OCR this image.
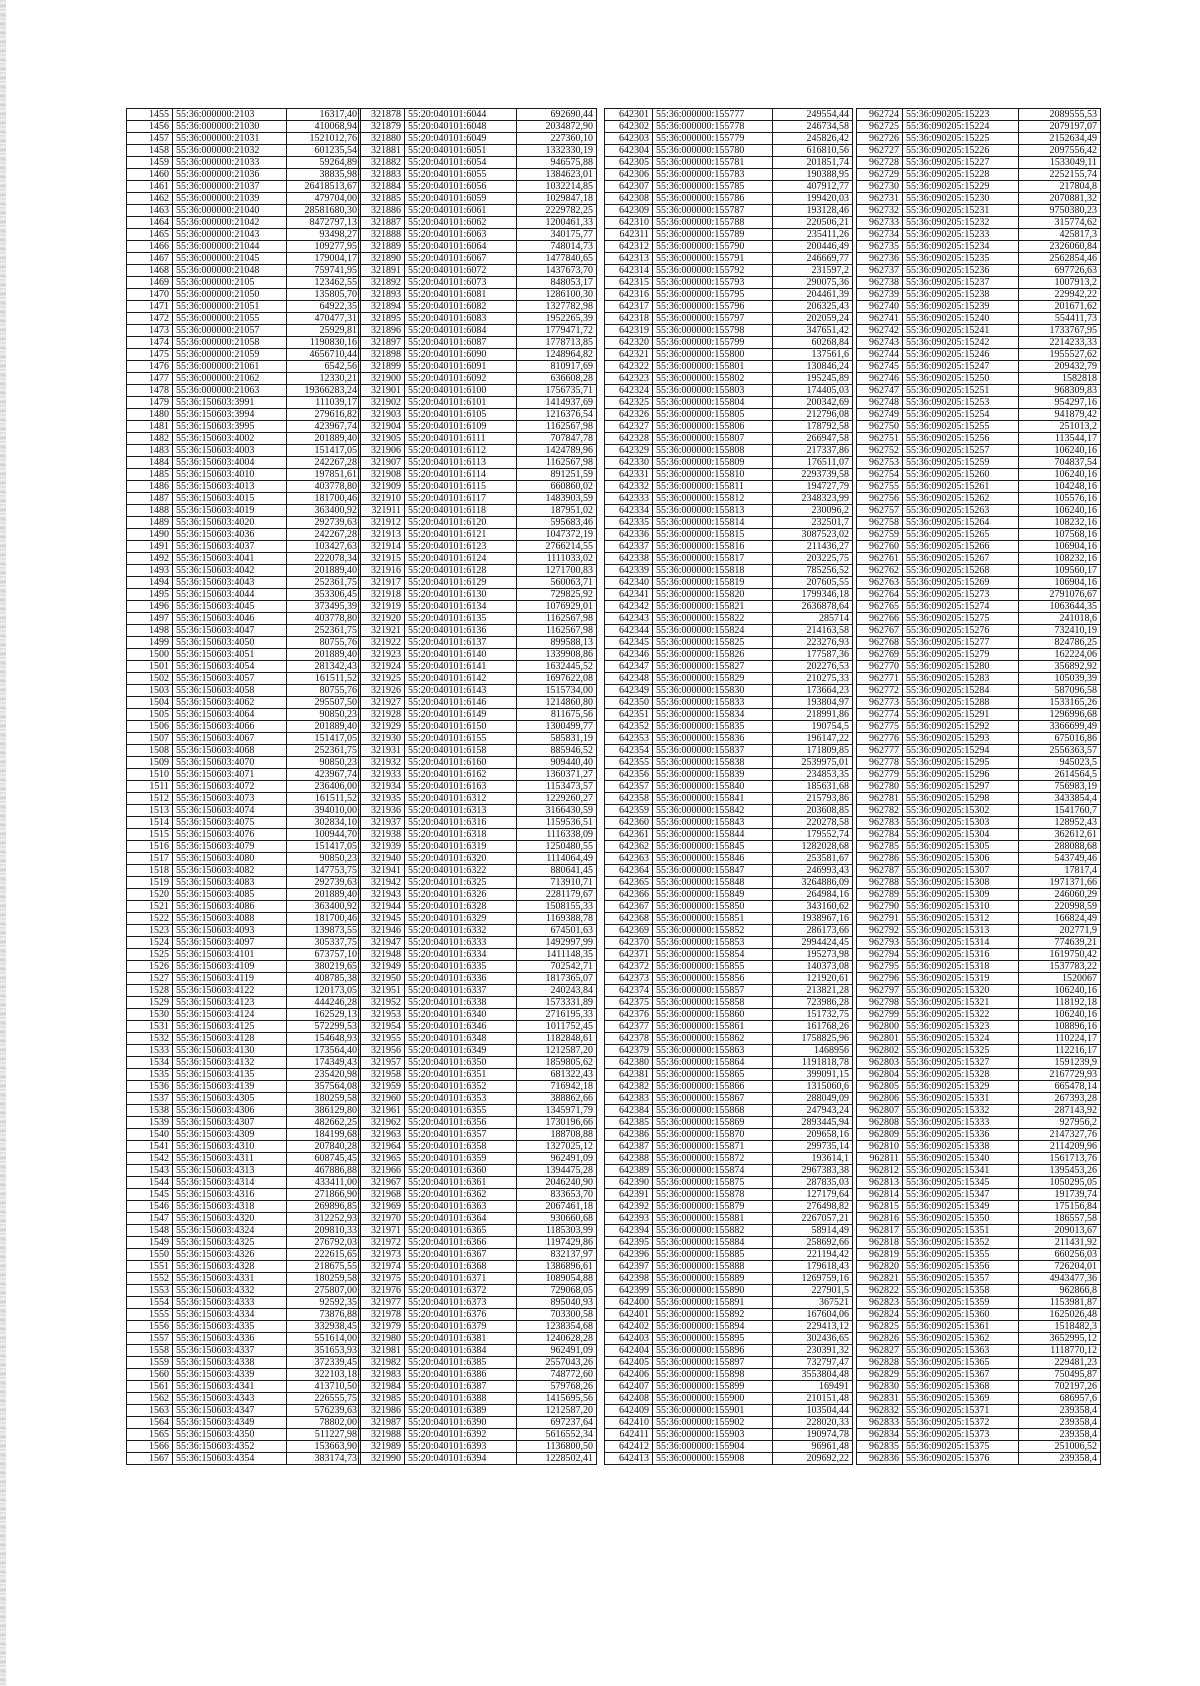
1455	55:36:000000:2103	16317,40
1456	55:36:000000:21030	410068,94
1457	55:36:000000:21031	1521012,76
1458	55:36:000000:21032	601235,54
1459	55:36:000000:21033	59264,89
1460	55:36:000000:21036	38835,98
1461	55:36:000000:21037	26418513,67
1462	55:36:000000:21039	479704,00
1463	55:36:000000:21040	28581680,30
1464	55:36:000000:21042	8472797,13
1465	55:36:000000:21043	93498,27
1466	55:36:000000:21044	109277,95
1467	55:36:000000:21045	179004,17
1468	55:36:000000:21048	759741,95
1469	55:36:000000:2105	123462,55
1470	55:36:000000:21050	135805,70
1471	55:36:000000:21051	64922,35
1472	55:36:000000:21055	470477,31
1473	55:36:000000:21057	25929,81
1474	55:36:000000:21058	1190830,16
1475	55:36:000000:21059	4656710,44
1476	55:36:000000:21061	6542,56
1477	55:36:000000:21062	12330,21
1478	55:36:000000:21063	19366283,24
1479	55:36:150603:3991	111039,17
1480	55:36:150603:3994	279616,82
1481	55:36:150603:3995	423967,74
1482	55:36:150603:4002	201889,40
1483	55:36:150603:4003	151417,05
1484	55:36:150603:4004	242267,28
1485	55:36:150603:4010	197851,61
1486	55:36:150603:4013	403778,80
1487	55:36:150603:4015	181700,46
1488	55:36:150603:4019	363400,92
1489	55:36:150603:4020	292739,63
1490	55:36:150603:4036	242267,28
1491	55:36:150603:4037	103427,63
1492	55:36:150603:4041	222078,34
1493	55:36:150603:4042	201889,40
1494	55:36:150603:4043	252361,75
1495	55:36:150603:4044	353306,45
1496	55:36:150603:4045	373495,39
1497	55:36:150603:4046	403778,80
1498	55:36:150603:4047	252361,75
1499	55:36:150603:4050	80755,76
1500	55:36:150603:4051	201889,40
1501	55:36:150603:4054	281342,43
1502	55:36:150603:4057	161511,52
1503	55:36:150603:4058	80755,76
1504	55:36:150603:4062	295507,50
1505	55:36:150603:4064	90850,23
1506	55:36:150603:4066	201889,40
1507	55:36:150603:4067	151417,05
1508	55:36:150603:4068	252361,75
1509	55:36:150603:4070	90850,23
1510	55:36:150603:4071	423967,74
1511	55:36:150603:4072	236406,00
1512	55:36:150603:4073	161511,52
1513	55:36:150603:4074	394010,00
1514	55:36:150603:4075	302834,10
1515	55:36:150603:4076	100944,70
1516	55:36:150603:4079	151417,05
1517	55:36:150603:4080	90850,23
1518	55:36:150603:4082	147753,75
1519	55:36:150603:4083	292739,63
1520	55:36:150603:4085	201889,40
1521	55:36:150603:4086	363400,92
1522	55:36:150603:4088	181700,46
1523	55:36:150603:4093	139873,55
1524	55:36:150603:4097	305337,75
1525	55:36:150603:4101	673757,10
1526	55:36:150603:4109	380219,65
1527	55:36:150603:4119	408785,38
1528	55:36:150603:4122	120173,05
1529	55:36:150603:4123	444246,28
1530	55:36:150603:4124	162529,13
1531	55:36:150603:4125	572299,53
1532	55:36:150603:4128	154648,93
1533	55:36:150603:4130	173564,40
1534	55:36:150603:4132	174349,43
1535	55:36:150603:4135	235420,98
1536	55:36:150603:4139	357564,08
1537	55:36:150603:4305	180259,58
1538	55:36:150603:4306	386129,80
1539	55:36:150603:4307	482662,25
1540	55:36:150603:4309	184199,68
1541	55:36:150603:4310	207840,28
1542	55:36:150603:4311	608745,45
1543	55:36:150603:4313	467886,88
1544	55:36:150603:4314	433411,00
1545	55:36:150603:4316	271866,90
1546	55:36:150603:4318	269896,85
1547	55:36:150603:4320	312252,93
1548	55:36:150603:4324	209810,33
1549	55:36:150603:4325	276792,03
1550	55:36:150603:4326	222615,65
1551	55:36:150603:4328	218675,55
1552	55:36:150603:4331	180259,58
1553	55:36:150603:4332	275807,00
1554	55:36:150603:4333	92592,35
1555	55:36:150603:4334	73876,88
1556	55:36:150603:4335	332938,45
1557	55:36:150603:4336	551614,00
1558	55:36:150603:4337	351653,93
1559	55:36:150603:4338	372339,45
1560	55:36:150603:4339	322103,18
1561	55:36:150603:4341	413710,50
1562	55:36:150603:4343	226555,75
1563	55:36:150603:4347	576239,63
1564	55:36:150603:4349	78802,00
1565	55:36:150603:4350	511227,98
1566	55:36:150603:4352	153663,90
1567	55:36:150603:4354	383174,73
321878	55:20:040101:6044	692690,44
321879	55:20:040101:6048	2034872,90
321880	55:20:040101:6049	227360,10
321881	55:20:040101:6051	1332330,19
321882	55:20:040101:6054	946575,88
321883	55:20:040101:6055	1384623,01
321884	55:20:040101:6056	1032214,85
321885	55:20:040101:6059	1029847,18
321886	55:20:040101:6061	2229782,25
321887	55:20:040101:6062	1200461,33
321888	55:20:040101:6063	340175,77
321889	55:20:040101:6064	748014,73
321890	55:20:040101:6067	1477840,65
321891	55:20:040101:6072	1437673,70
321892	55:20:040101:6073	848053,17
321893	55:20:040101:6081	1286100,30
321894	55:20:040101:6082	1327782,98
321895	55:20:040101:6083	1952265,39
321896	55:20:040101:6084	1779471,72
321897	55:20:040101:6087	1778713,85
321898	55:20:040101:6090	1248964,82
321899	55:20:040101:6091	810917,69
321900	55:20:040101:6092	636608,28
321901	55:20:040101:6100	1756735,71
321902	55:20:040101:6101	1414937,69
321903	55:20:040101:6105	1216376,54
321904	55:20:040101:6109	1162567,98
321905	55:20:040101:6111	707847,78
321906	55:20:040101:6112	1424789,96
321907	55:20:040101:6113	1162567,98
321908	55:20:040101:6114	891251,59
321909	55:20:040101:6115	660860,02
321910	55:20:040101:6117	1483903,59
321911	55:20:040101:6118	187951,02
321912	55:20:040101:6120	595683,46
321913	55:20:040101:6121	1047372,19
321914	55:20:040101:6123	2766214,55
321915	55:20:040101:6124	1111033,02
321916	55:20:040101:6128	1271700,83
321917	55:20:040101:6129	560063,71
321918	55:20:040101:6130	729825,92
321919	55:20:040101:6134	1076929,01
321920	55:20:040101:6135	1162567,98
321921	55:20:040101:6136	1162567,98
321922	55:20:040101:6137	899588,13
321923	55:20:040101:6140	1339908,86
321924	55:20:040101:6141	1632445,52
321925	55:20:040101:6142	1697622,08
321926	55:20:040101:6143	1515734,00
321927	55:20:040101:6146	1214860,80
321928	55:20:040101:6149	811675,56
321929	55:20:040101:6150	1300499,77
321930	55:20:040101:6155	585831,19
321931	55:20:040101:6158	885946,52
321932	55:20:040101:6160	909440,40
321933	55:20:040101:6162	1360371,27
321934	55:20:040101:6163	1153473,57
321935	55:20:040101:6312	1229260,27
321936	55:20:040101:6313	3166430,59
321937	55:20:040101:6316	1159536,51
321938	55:20:040101:6318	1116338,09
321939	55:20:040101:6319	1250480,55
321940	55:20:040101:6320	1114064,49
321941	55:20:040101:6322	880641,45
321942	55:20:040101:6325	713910,71
321943	55:20:040101:6326	2281179,67
321944	55:20:040101:6328	1508155,33
321945	55:20:040101:6329	1169388,78
321946	55:20:040101:6332	674501,63
321947	55:20:040101:6333	1492997,99
321948	55:20:040101:6334	1411148,35
321949	55:20:040101:6335	702542,71
321950	55:20:040101:6336	1817365,07
321951	55:20:040101:6337	240243,84
321952	55:20:040101:6338	1573331,89
321953	55:20:040101:6340	2716195,33
321954	55:20:040101:6346	1011752,45
321955	55:20:040101:6348	1182848,61
321956	55:20:040101:6349	1212587,20
321957	55:20:040101:6350	1859805,62
321958	55:20:040101:6351	681322,43
321959	55:20:040101:6352	716942,18
321960	55:20:040101:6353	388862,66
321961	55:20:040101:6355	1345971,79
321962	55:20:040101:6356	1730196,66
321963	55:20:040101:6357	188708,88
321964	55:20:040101:6358	1327025,12
321965	55:20:040101:6359	962491,09
321966	55:20:040101:6360	1394475,28
321967	55:20:040101:6361	2046240,90
321968	55:20:040101:6362	833653,70
321969	55:20:040101:6363	2067461,18
321970	55:20:040101:6364	930660,68
321971	55:20:040101:6365	1185303,99
321972	55:20:040101:6366	1197429,86
321973	55:20:040101:6367	832137,97
321974	55:20:040101:6368	1386896,61
321975	55:20:040101:6371	1089054,88
321976	55:20:040101:6372	729068,05
321977	55:20:040101:6373	895040,93
321978	55:20:040101:6376	703300,58
321979	55:20:040101:6379	1238354,68
321980	55:20:040101:6381	1240628,28
321981	55:20:040101:6384	962491,09
321982	55:20:040101:6385	2557043,26
321983	55:20:040101:6386	748772,60
321984	55:20:040101:6387	579768,26
321985	55:20:040101:6388	1415695,56
321986	55:20:040101:6389	1212587,20
321987	55:20:040101:6390	697237,64
321988	55:20:040101:6392	5616552,34
321989	55:20:040101:6393	1136800,50
321990	55:20:040101:6394	1228502,41
642301	55:36:000000:155777	249554,44
642302	55:36:000000:155778	246734,58
642303	55:36:000000:155779	245826,42
642304	55:36:000000:155780	616810,56
642305	55:36:000000:155781	201851,74
642306	55:36:000000:155783	190388,95
642307	55:36:000000:155785	407912,77
642308	55:36:000000:155786	199420,03
642309	55:36:000000:155787	193128,46
642310	55:36:000000:155788	220506,21
642311	55:36:000000:155789	235411,26
642312	55:36:000000:155790	200446,49
642313	55:36:000000:155791	246669,77
642314	55:36:000000:155792	231597,2
642315	55:36:000000:155793	290075,36
642316	55:36:000000:155795	204461,39
642317	55:36:000000:155796	206325,43
642318	55:36:000000:155797	202059,24
642319	55:36:000000:155798	347651,42
642320	55:36:000000:155799	60268,84
642321	55:36:000000:155800	137561,6
642322	55:36:000000:155801	130846,24
642323	55:36:000000:155802	195245,89
642324	55:36:000000:155803	174405,03
642325	55:36:000000:155804	200342,69
642326	55:36:000000:155805	212796,08
642327	55:36:000000:155806	178792,58
642328	55:36:000000:155807	266947,58
642329	55:36:000000:155808	217337,86
642330	55:36:000000:155809	176511,07
642331	55:36:000000:155810	2293739,58
642332	55:36:000000:155811	194727,79
642333	55:36:000000:155812	2348323,99
642334	55:36:000000:155813	230096,2
642335	55:36:000000:155814	232501,7
642336	55:36:000000:155815	3087523,02
642337	55:36:000000:155816	211436,27
642338	55:36:000000:155817	203225,75
642339	55:36:000000:155818	785256,52
642340	55:36:000000:155819	207605,55
642341	55:36:000000:155820	1799346,18
642342	55:36:000000:155821	2636878,64
642343	55:36:000000:155822	285714
642344	55:36:000000:155824	214163,58
642345	55:36:000000:155825	223276,93
642346	55:36:000000:155826	177587,36
642347	55:36:000000:155827	202276,53
642348	55:36:000000:155829	210275,33
642349	55:36:000000:155830	173664,23
642350	55:36:000000:155833	193804,97
642351	55:36:000000:155834	218991,86
642352	55:36:000000:155835	190754,5
642353	55:36:000000:155836	196147,22
642354	55:36:000000:155837	171809,85
642355	55:36:000000:155838	2539975,01
642356	55:36:000000:155839	234853,35
642357	55:36:000000:155840	185631,68
642358	55:36:000000:155841	215793,86
642359	55:36:000000:155842	203608,85
642360	55:36:000000:155843	220278,58
642361	55:36:000000:155844	179552,74
642362	55:36:000000:155845	1282028,68
642363	55:36:000000:155846	253581,67
642364	55:36:000000:155847	246993,43
642365	55:36:000000:155848	3264886,09
642366	55:36:000000:155849	264984,16
642367	55:36:000000:155850	343160,62
642368	55:36:000000:155851	1938967,16
642369	55:36:000000:155852	286173,66
642370	55:36:000000:155853	2994424,45
642371	55:36:000000:155854	195273,98
642372	55:36:000000:155855	140373,08
642373	55:36:000000:155856	121920,61
642374	55:36:000000:155857	213821,28
642375	55:36:000000:155858	723986,28
642376	55:36:000000:155860	151732,75
642377	55:36:000000:155861	161768,26
642378	55:36:000000:155862	1758825,96
642379	55:36:000000:155863	1468956
642380	55:36:000000:155864	1191818,78
642381	55:36:000000:155865	399091,15
642382	55:36:000000:155866	1315060,6
642383	55:36:000000:155867	288049,09
642384	55:36:000000:155868	247943,24
642385	55:36:000000:155869	2893445,94
642386	55:36:000000:155870	209658,16
642387	55:36:000000:155871	299735,14
642388	55:36:000000:155872	193614,1
642389	55:36:000000:155874	2967383,38
642390	55:36:000000:155875	287835,03
642391	55:36:000000:155878	127179,64
642392	55:36:000000:155879	276498,82
642393	55:36:000000:155881	2267057,21
642394	55:36:000000:155882	58914,49
642395	55:36:000000:155884	258692,66
642396	55:36:000000:155885	221194,42
642397	55:36:000000:155888	179618,43
642398	55:36:000000:155889	1269759,16
642399	55:36:000000:155890	227901,5
642400	55:36:000000:155891	367521
642401	55:36:000000:155892	167604,06
642402	55:36:000000:155894	229413,12
642403	55:36:000000:155895	302436,65
642404	55:36:000000:155896	230391,32
642405	55:36:000000:155897	732797,47
642406	55:36:000000:155898	3553804,48
642407	55:36:000000:155899	169491
642408	55:36:000000:155900	210151,48
642409	55:36:000000:155901	103504,44
642410	55:36:000000:155902	228020,33
642411	55:36:000000:155903	190974,78
642412	55:36:000000:155904	96961,48
642413	55:36:000000:155908	209692,22
962724	55:36:090205:15223	2089555,53
962725	55:36:090205:15224	2079197,07
962726	55:36:090205:15225	2152634,49
962727	55:36:090205:15226	2097556,42
962728	55:36:090205:15227	1533049,11
962729	55:36:090205:15228	2252155,74
962730	55:36:090205:15229	217804,8
962731	55:36:090205:15230	2070881,32
962732	55:36:090205:15231	9750380,23
962733	55:36:090205:15232	315774,62
962734	55:36:090205:15233	425817,3
962735	55:36:090205:15234	2326060,84
962736	55:36:090205:15235	2562854,46
962737	55:36:090205:15236	697726,63
962738	55:36:090205:15237	1007913,2
962739	55:36:090205:15238	229942,22
962740	55:36:090205:15239	201671,62
962741	55:36:090205:15240	554411,73
962742	55:36:090205:15241	1733767,95
962743	55:36:090205:15242	2214233,33
962744	55:36:090205:15246	1955527,62
962745	55:36:090205:15247	209432,79
962746	55:36:090205:15250	1582818
962747	55:36:090205:15251	968309,83
962748	55:36:090205:15253	954297,16
962749	55:36:090205:15254	941879,42
962750	55:36:090205:15255	251013,2
962751	55:36:090205:15256	113544,17
962752	55:36:090205:15257	106240,16
962753	55:36:090205:15259	704837,54
962754	55:36:090205:15260	106240,16
962755	55:36:090205:15261	104248,16
962756	55:36:090205:15262	105576,16
962757	55:36:090205:15263	106240,16
962758	55:36:090205:15264	108232,16
962759	55:36:090205:15265	107568,16
962760	55:36:090205:15266	106904,16
962761	55:36:090205:15267	108232,16
962762	55:36:090205:15268	109560,17
962763	55:36:090205:15269	106904,16
962764	55:36:090205:15273	2791076,67
962765	55:36:090205:15274	1063644,35
962766	55:36:090205:15275	241018,6
962767	55:36:090205:15276	732410,19
962768	55:36:090205:15277	824786,25
962769	55:36:090205:15279	162224,06
962770	55:36:090205:15280	356892,92
962771	55:36:090205:15283	105039,39
962772	55:36:090205:15284	587096,58
962773	55:36:090205:15288	1533165,26
962774	55:36:090205:15291	1296996,68
962775	55:36:090205:15292	3366699,49
962776	55:36:090205:15293	675016,86
962777	55:36:090205:15294	2556363,57
962778	55:36:090205:15295	945023,5
962779	55:36:090205:15296	2614564,5
962780	55:36:090205:15297	756983,19
962781	55:36:090205:15298	3433854,4
962782	55:36:090205:15302	1541760,7
962783	55:36:090205:15303	128952,43
962784	55:36:090205:15304	362612,61
962785	55:36:090205:15305	288088,68
962786	55:36:090205:15306	543749,46
962787	55:36:090205:15307	17817,4
962788	55:36:090205:15308	1971371,66
962789	55:36:090205:15309	246060,29
962790	55:36:090205:15310	220998,59
962791	55:36:090205:15312	166824,49
962792	55:36:090205:15313	202771,9
962793	55:36:090205:15314	774639,21
962794	55:36:090205:15316	1619750,42
962795	55:36:090205:15318	1537783,22
962796	55:36:090205:15319	1520067
962797	55:36:090205:15320	106240,16
962798	55:36:090205:15321	118192,18
962799	55:36:090205:15322	106240,16
962800	55:36:090205:15323	108896,16
962801	55:36:090205:15324	110224,17
962802	55:36:090205:15325	112216,17
962803	55:36:090205:15327	1591239,9
962804	55:36:090205:15328	2167729,93
962805	55:36:090205:15329	665478,14
962806	55:36:090205:15331	267393,28
962807	55:36:090205:15332	287143,92
962808	55:36:090205:15333	927956,2
962809	55:36:090205:15336	2147327,76
962810	55:36:090205:15338	2114209,96
962811	55:36:090205:15340	1561713,76
962812	55:36:090205:15341	1395453,26
962813	55:36:090205:15345	1050295,05
962814	55:36:090205:15347	191739,74
962815	55:36:090205:15349	175156,84
962816	55:36:090205:15350	186557,58
962817	55:36:090205:15351	209013,67
962818	55:36:090205:15352	211431,92
962819	55:36:090205:15355	660256,03
962820	55:36:090205:15356	726204,01
962821	55:36:090205:15357	4943477,36
962822	55:36:090205:15358	962866,8
962823	55:36:090205:15359	1153981,87
962824	55:36:090205:15360	1625026,48
962825	55:36:090205:15361	1518482,3
962826	55:36:090205:15362	3652995,12
962827	55:36:090205:15363	1118770,12
962828	55:36:090205:15365	229481,23
962829	55:36:090205:15367	750495,87
962830	55:36:090205:15368	702197,26
962831	55:36:090205:15369	686957,6
962832	55:36:090205:15371	239358,4
962833	55:36:090205:15372	239358,4
962834	55:36:090205:15373	239358,4
962835	55:36:090205:15375	251006,52
962836	55:36:090205:15376	239358,4
